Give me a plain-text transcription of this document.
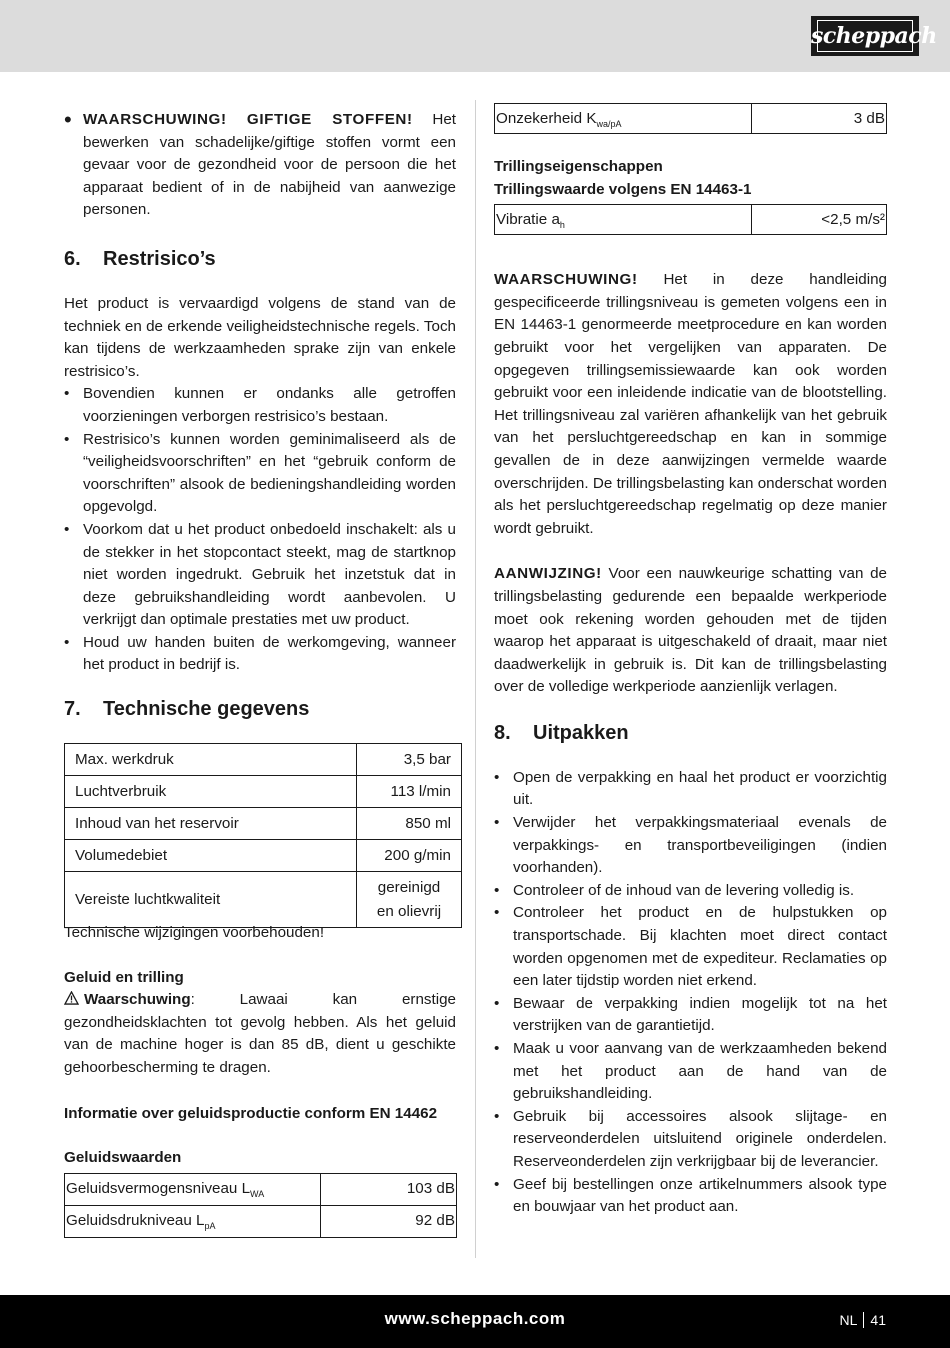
scheppach
• WAARSCHUWING! GIFTIGE STOFFEN! Het bewerken van schadelijke/giftige stoffen vormt een gevaar voor de gezondheid voor de persoon die het apparaat bedient of in de nabijheid van aanwezige personen.
6.	Restrisico’s

Het product is vervaardigd volgens de stand van de techniek en de erkende veiligheidstechnische regels. Toch kan tijdens de werkzaamheden sprake zijn van enkele restrisico’s.

• Bovendien kunnen er ondanks alle getroffen voorzieningen verborgen restrisico’s bestaan.
• Restrisico’s kunnen worden geminimaliseerd als de “veiligheidsvoorschriften” en het “gebruik conform de voorschriften” alsook de bedieningshandleiding worden opgevolgd.
• Voorkom dat u het product onbedoeld inschakelt: als u de stekker in het stopcontact steekt, mag de startknop niet worden ingedrukt. Gebruik het inzetstuk dat in deze gebruikshandleiding wordt aanbevolen. U verkrijgt dan optimale prestaties met uw product.
• Houd uw handen buiten de werkomgeving, wanneer het product in bedrijf is.
7.	Technische gegevens
Max. werkdruk	3,5 bar
Luchtverbruik	113 l/min
Inhoud van het reservoir	850 ml
Volumedebiet	200 g/min
Vereiste luchtkwaliteit	gereinigd
en olievrij

Technische wijzigingen voorbehouden!

Geluid en trilling

Waarschuwing: Lawaai kan ernstige gezondheidsklachten tot gevolg hebben. Als het geluid van de machine hoger is dan 85 dB, dient u geschikte gehoorbescherming te dragen.

Informatie over geluidsproductie conform EN 14462

Geluidswaarden

Geluidsvermogensniveau $L_{WA}$	103 dB
Geluidsdrukniveau $L_{pA}$	92 dB
Onzekerheid $K_{wa/pA}$	3 dB

Trillingseigenschappen

Trillingswaarde volgens EN 14463-1

Vibratie $a_h$	<2,5 m/s²

WAARSCHUWING! Het in deze handleiding gespecificeerde trillingsniveau is gemeten volgens een in EN 14463-1 genormeerde meetprocedure en kan worden gebruikt voor het vergelijken van apparaten. De opgegeven trillingsemissiewaarde kan ook worden gebruikt voor een inleidende indicatie van de blootstelling. Het trillingsniveau zal variëren afhankelijk van het gebruik van het persluchtgereedschap en kan in sommige gevallen de in deze aanwijzingen vermelde waarde overschrijden. De trillingsbelasting kan onderschat worden als het persluchtgereedschap regelmatig op deze manier wordt gebruikt.

AANWIJZING! Voor een nauwkeurige schatting van de trillingsbelasting gedurende een bepaalde werkperiode moet ook rekening worden gehouden met de tijden waarop het apparaat is uitgeschakeld of draait, maar niet daadwerkelijk in gebruik is. Dit kan de trillingsbelasting over de volledige werkperiode aanzienlijk verlagen.

8.	Uitpakken
• Open de verpakking en haal het product er voorzichtig uit.
• Verwijder het verpakkingsmateriaal evenals de verpakkings- en transportbeveiligingen (indien voorhanden).
• Controleer of de inhoud van de levering volledig is.
• Controleer het product en de hulpstukken op transportschade. Bij klachten moet direct contact worden opgenomen met de expediteur. Reclamaties op een later tijdstip worden niet erkend.
• Bewaar de verpakking indien mogelijk tot na het verstrijken van de garantietijd.
• Maak u voor aanvang van de werkzaamheden bekend met het product aan de hand van de gebruikshandleiding.
• Gebruik bij accessoires alsook slijtage- en reserveonderdelen uitsluitend originele onderdelen. Reserveonderdelen zijn verkrijgbaar bij de leverancier.
• Geef bij bestellingen onze artikelnummers alsook type en bouwjaar van het product aan.
www.scheppach.com	NL 41
